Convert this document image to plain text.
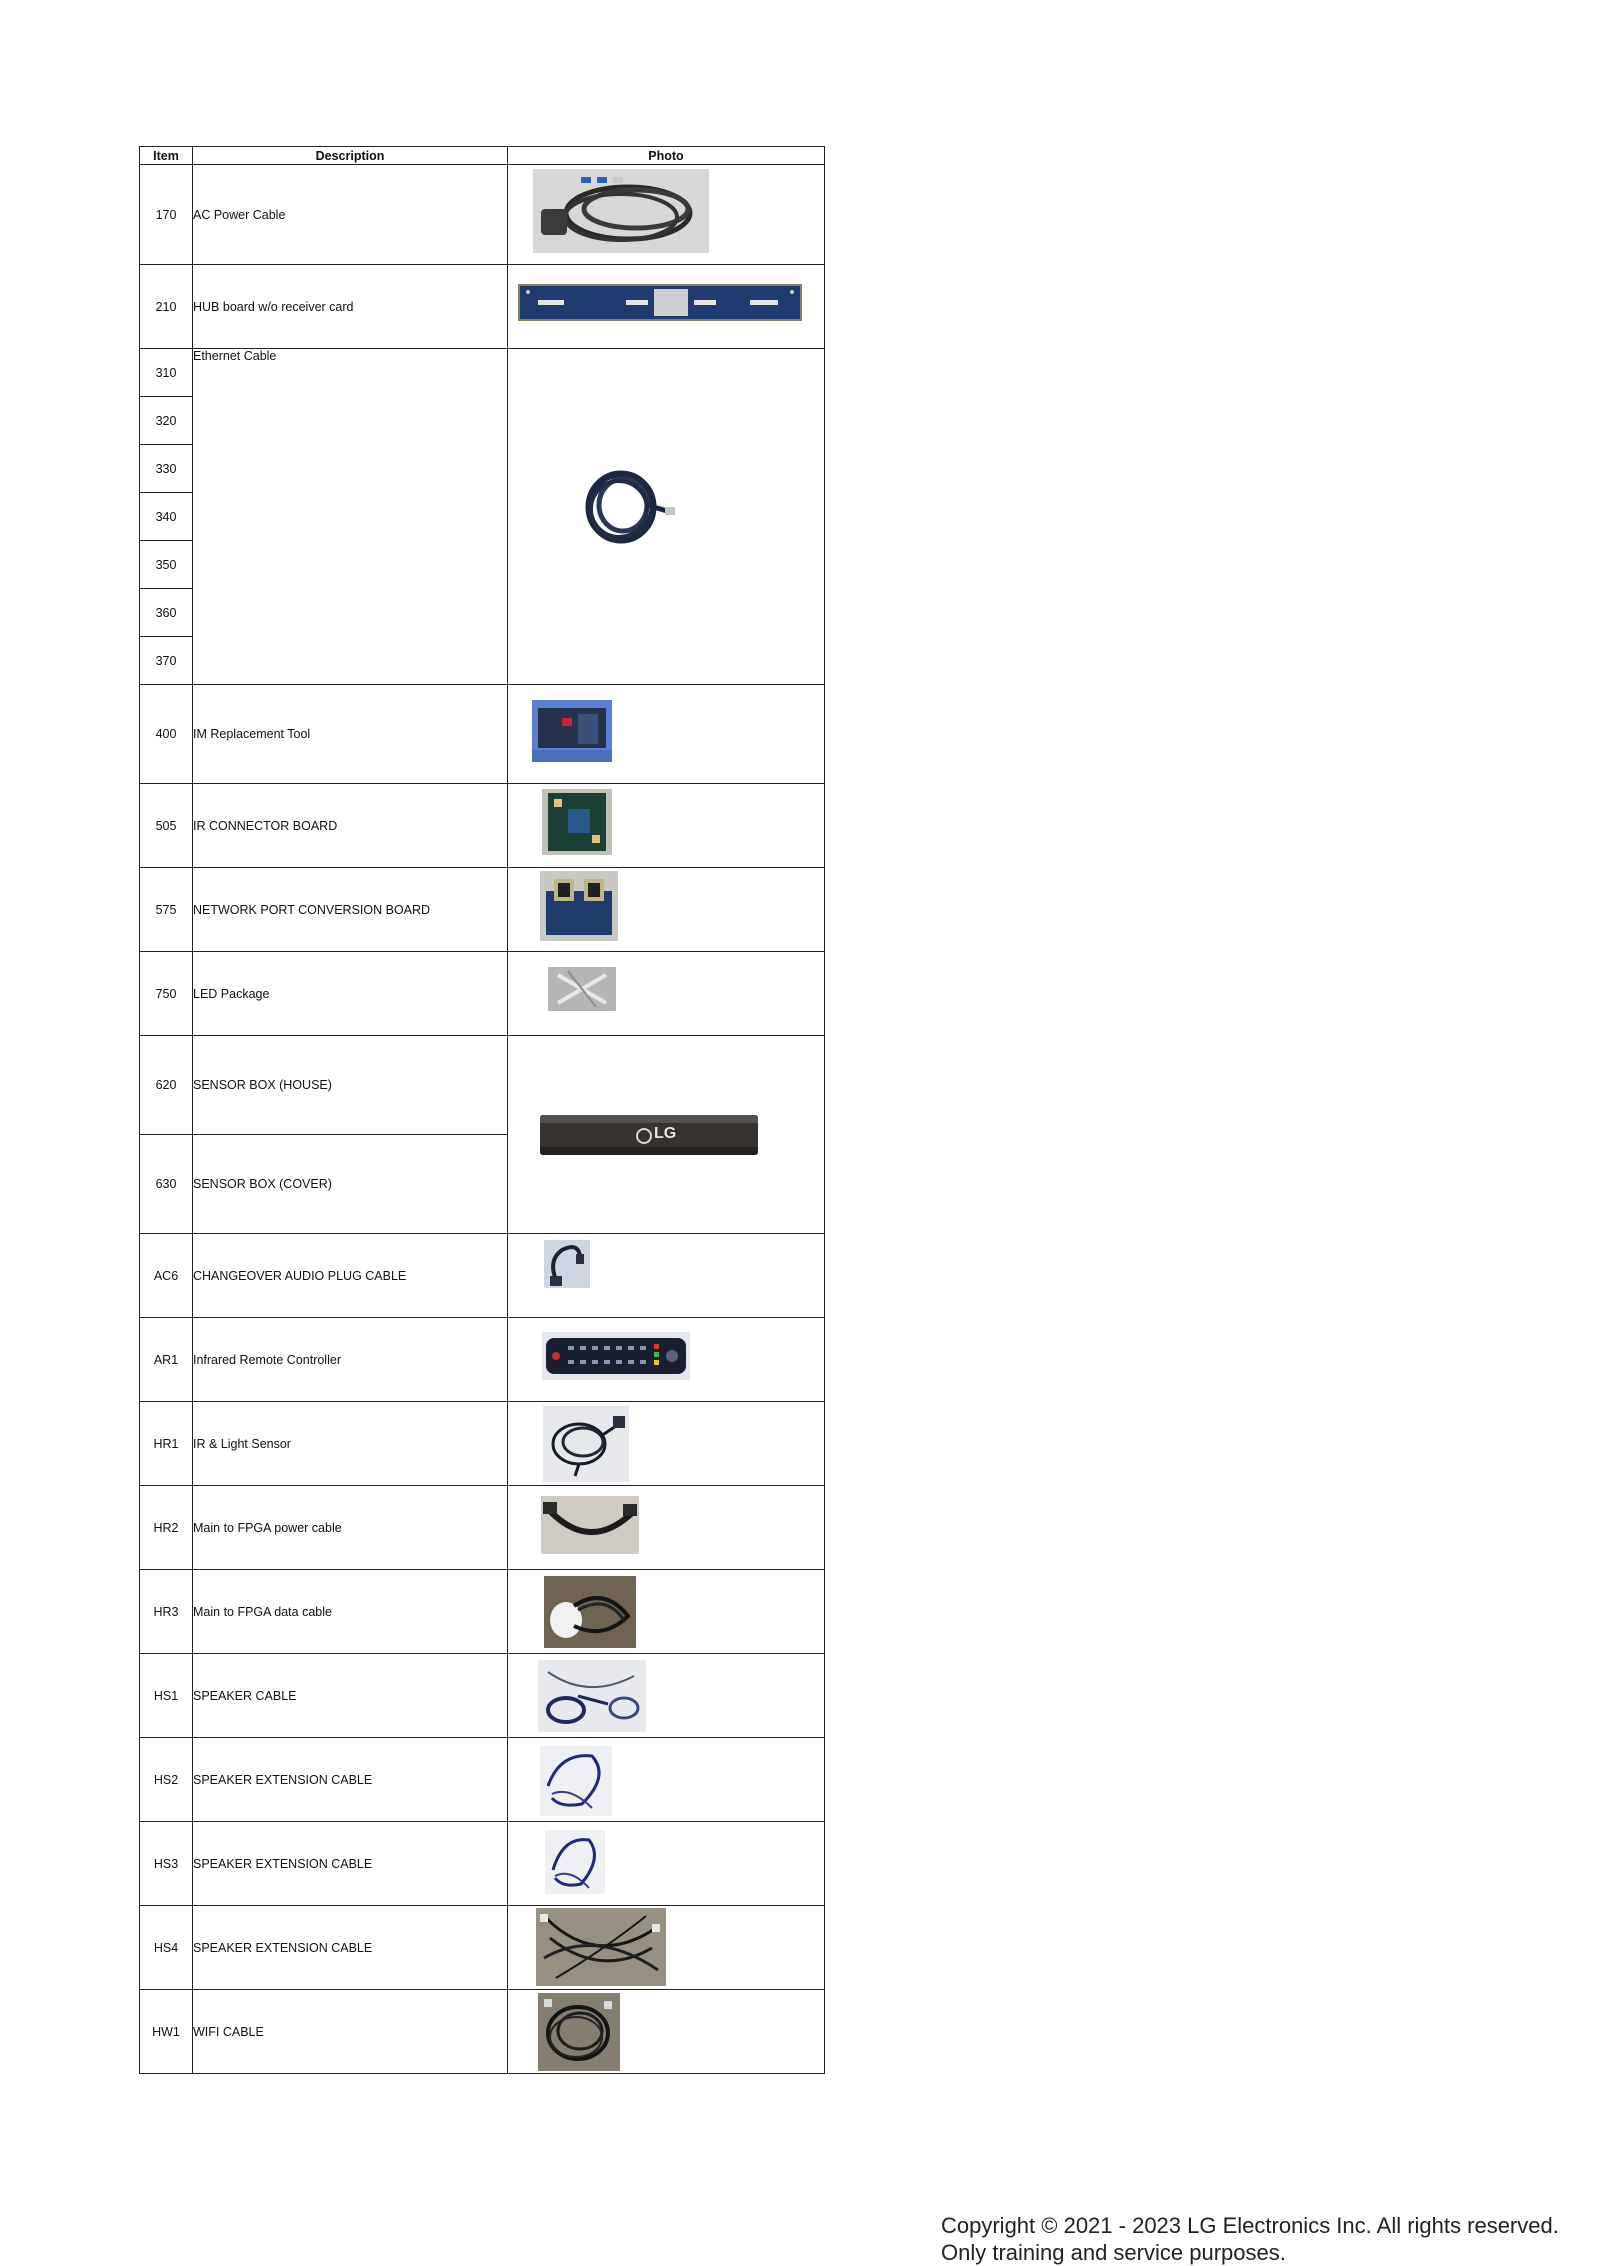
Item	Description	Photo
170	AC Power Cable	

210	HUB board w/o receiver card	

310	Ethernet Cable	

320		
330		
340		
350		
360		
370		
400	IM Replacement Tool	

505	IR CONNECTOR BOARD	

575	NETWORK PORT CONVERSION BOARD	

750	LED Package	

620	SENSOR BOX (HOUSE)	LG

630	SENSOR BOX (COVER)	
AC6	CHANGEOVER AUDIO PLUG CABLE	

AR1	Infrared Remote Controller	

HR1	IR & Light Sensor	

HR2	Main to FPGA power cable	

HR3	Main to FPGA data cable	

HS1	SPEAKER CABLE	

HS2	SPEAKER EXTENSION CABLE	

HS3	SPEAKER EXTENSION CABLE	

HS4	SPEAKER EXTENSION CABLE	

HW1	WIFI CABLE	
Copyright © 2021 - 2023 LG Electronics Inc. All rights reserved.
Only training and service purposes.
